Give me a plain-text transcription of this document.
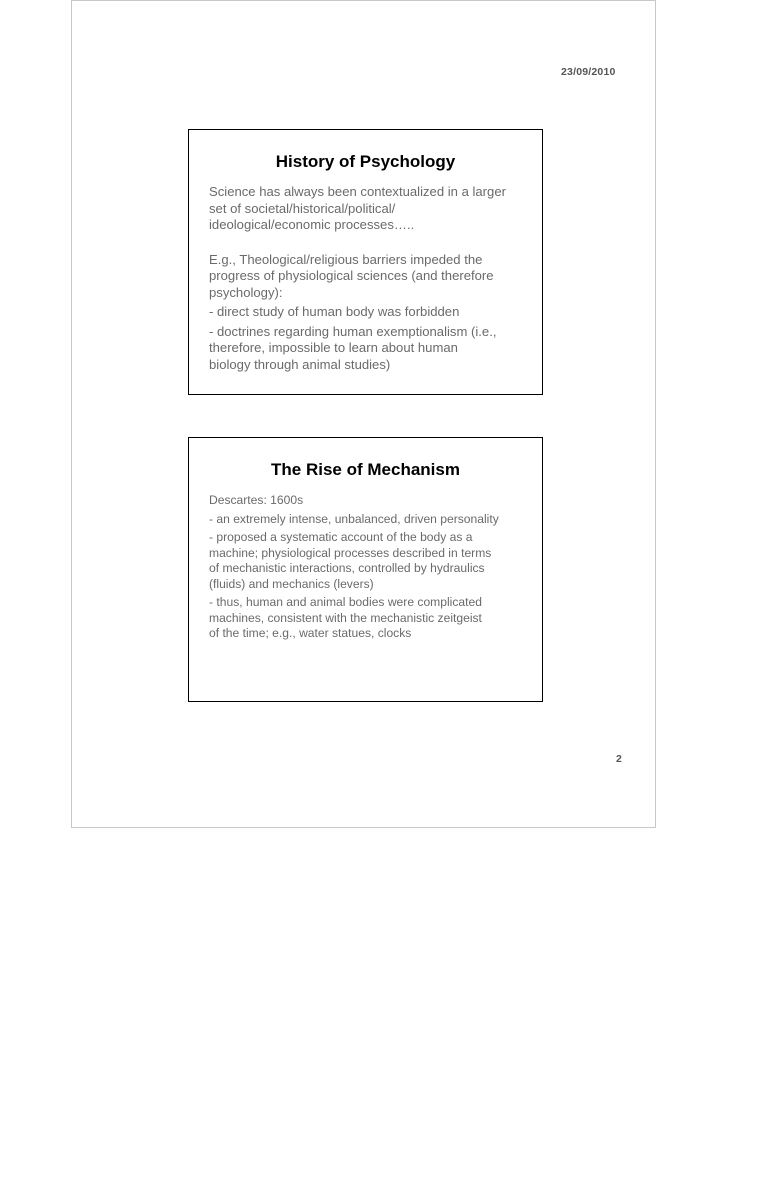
23/09/2010
History of Psychology

Science has always been contextualized in a larger
set of societal/historical/political/
ideological/economic processes…..

E.g., Theological/religious barriers impeded the
progress of physiological sciences (and therefore
psychology):

- direct study of human body was forbidden

- doctrines regarding human exemptionalism (i.e.,
therefore, impossible to learn about human
biology through animal studies)

The Rise of Mechanism

Descartes: 1600s

- an extremely intense, unbalanced, driven personality

- proposed a systematic account of the body as a
machine; physiological processes described in terms
of mechanistic interactions, controlled by hydraulics
(fluids) and mechanics (levers)

- thus, human and animal bodies were complicated
machines, consistent with the mechanistic zeitgeist
of the time; e.g., water statues, clocks

2
